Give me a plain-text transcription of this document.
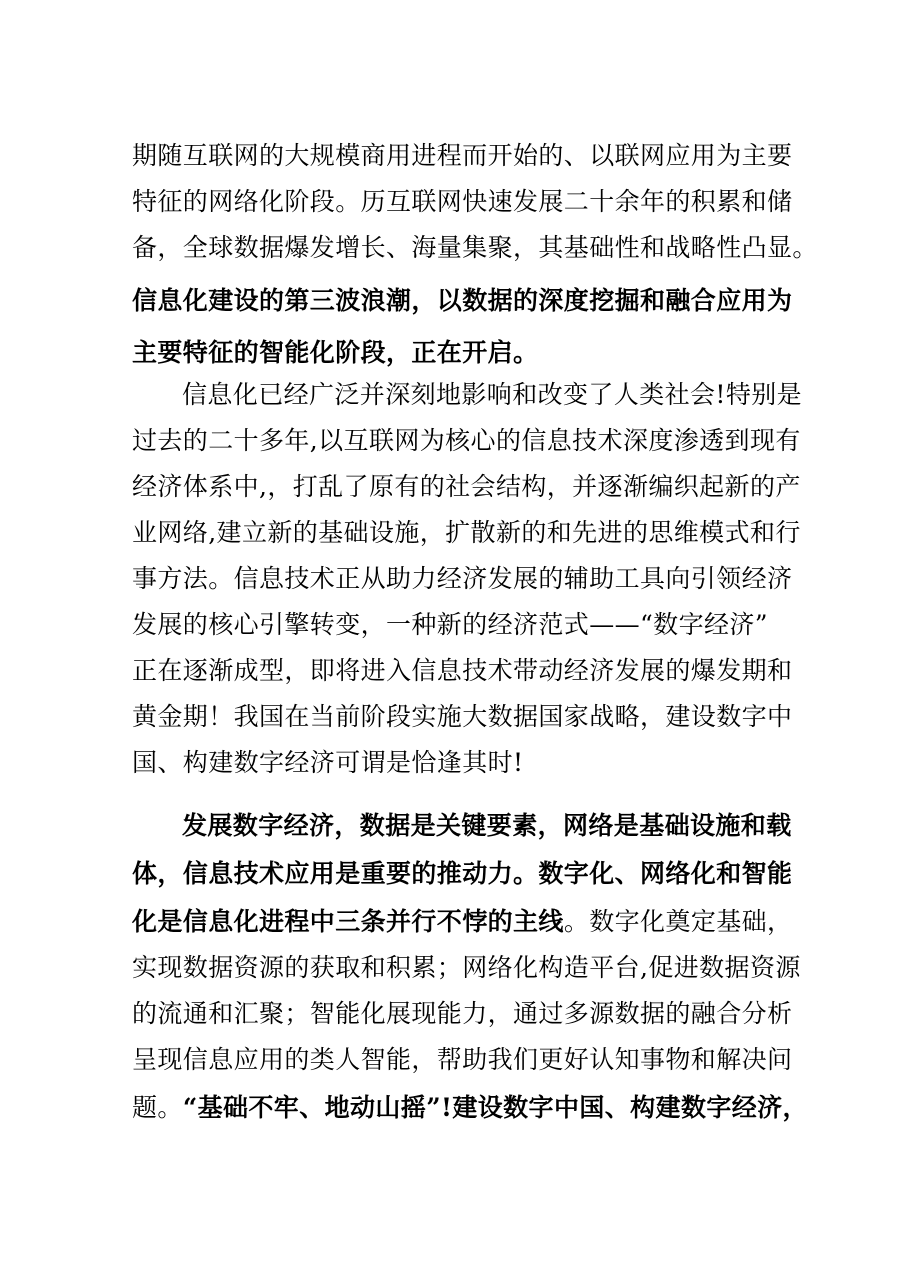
期随互联网的大规模商用进程而开始的、以联网应用为主要
特征的网络化阶段。历互联网快速发展二十余年的积累和储
备，全球数据爆发增长、海量集聚，其基础性和战略性凸显。
信息化建设的第三波浪潮，以数据的深度挖掘和融合应用为
主要特征的智能化阶段，正在开启。
信息化已经广泛并深刻地影响和改变了人类社会!特别是
过去的二十多年,以互联网为核心的信息技术深度渗透到现有
经济体系中,，打乱了原有的社会结构，并逐渐编织起新的产
业网络,建立新的基础设施，扩散新的和先进的思维模式和行
事方法。信息技术正从助力经济发展的辅助工具向引领经济
发展的核心引擎转变，一种新的经济范式——“数字经济”
正在逐渐成型，即将进入信息技术带动经济发展的爆发期和
黄金期！我国在当前阶段实施大数据国家战略，建设数字中
国、构建数字经济可谓是恰逢其时!
发展数字经济，数据是关键要素，网络是基础设施和载
体，信息技术应用是重要的推动力。数字化、网络化和智能
化是信息化进程中三条并行不悖的主线。数字化奠定基础，
实现数据资源的获取和积累；网络化构造平台,促进数据资源
的流通和汇聚；智能化展现能力，通过多源数据的融合分析
呈现信息应用的类人智能，帮助我们更好认知事物和解决问
题。“基础不牢、地动山摇”!建设数字中国、构建数字经济，
